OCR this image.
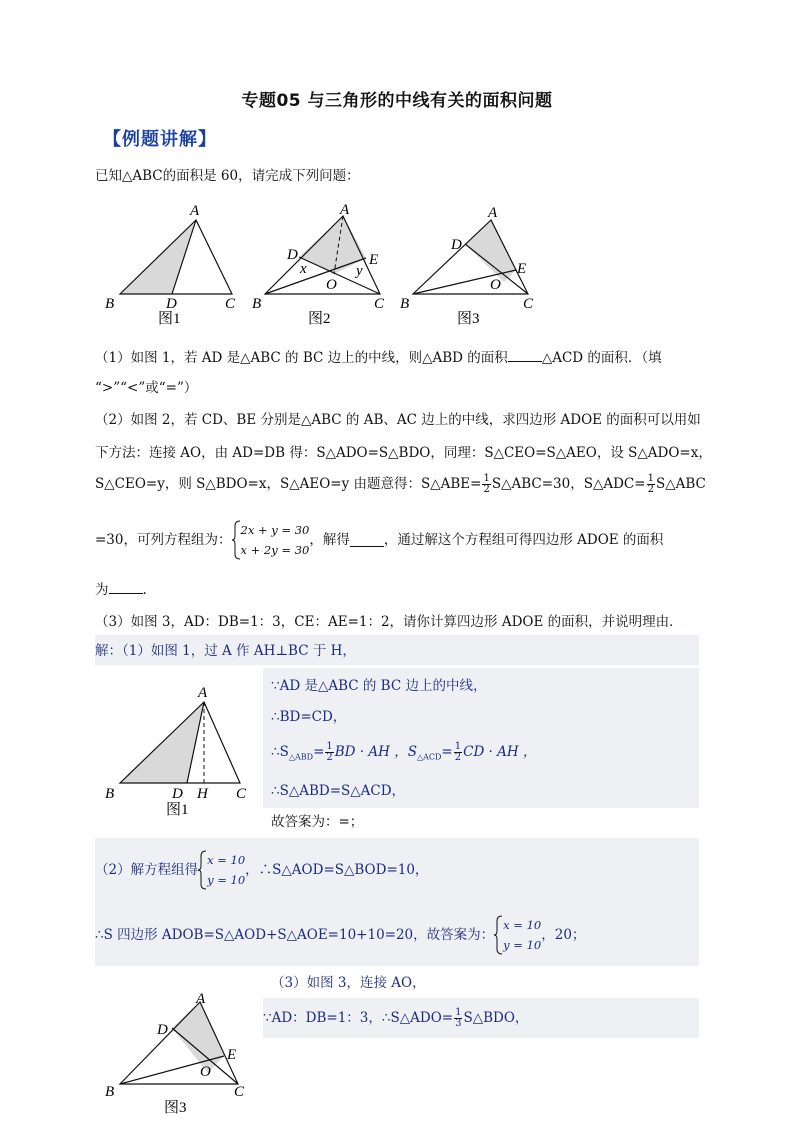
专题05 与三角形的中线有关的面积问题
【例题讲解】
已知△ABC的面积是 60，请完成下列问题：
A
B	D	C
图1
A
D	E
O
x	y
B	C
图2
A
D
E
O
B	C
图3
（1）如图 1，若 AD 是△ABC 的 BC 边上的中线，则△ABD 的面积	△ACD 的面积．（填
“>”“<”或“=”）
（2）如图 2，若 CD、BE 分别是△ABC 的 AB、AC 边上的中线，求四边形 ADOE 的面积可以用如
下方法：连接 AO，由 AD=DB 得：S△ADO=S△BDO，同理：S△CEO=S△AEO，设 S△ADO=x，
S△CEO=y，则 S△BDO=x，S△AEO=y 由题意得：S△ABE= $\frac{1}{2}$ S△ABC=30，S△ADC= $\frac{1}{2}$ S△ABC
=30，可列方程组为：
2x + y = 30
x + 2y = 30
，解得	，通过解这个方程组可得四边形 ADOE 的面积
为	.
（3）如图 3，AD：DB=1：3，CE：AE=1：2，请你计算四边形 ADOE 的面积，并说明理由．
解：（1）如图 1，过 A 作 AH⊥BC 于 H，
A
B	D H C
图1
∵AD 是△ABC 的 BC 边上的中线，
∴BD=CD，
$\therefore S_{\triangle ABD}= \frac{1}{2}$ BD · AH ，$S_{\triangle ACD}= \frac{1}{2}$ CD · AH ，
∴S△ABD=S△ACD，
故答案为：=；
（2）解方程组得
x = 10
y = 10
，∴S△AOD=S△BOD=10，
∴S 四边形 ADOB=S△AOD+S△AOE=10+10=20，故答案为：
x = 10
y = 10
，20；
（3）如图 3，连接 AO，
∵AD：DB=1：3，∴S△ADO= $\frac{1}{3}$ S△BDO，
A
D
E
O
B	C
图3
